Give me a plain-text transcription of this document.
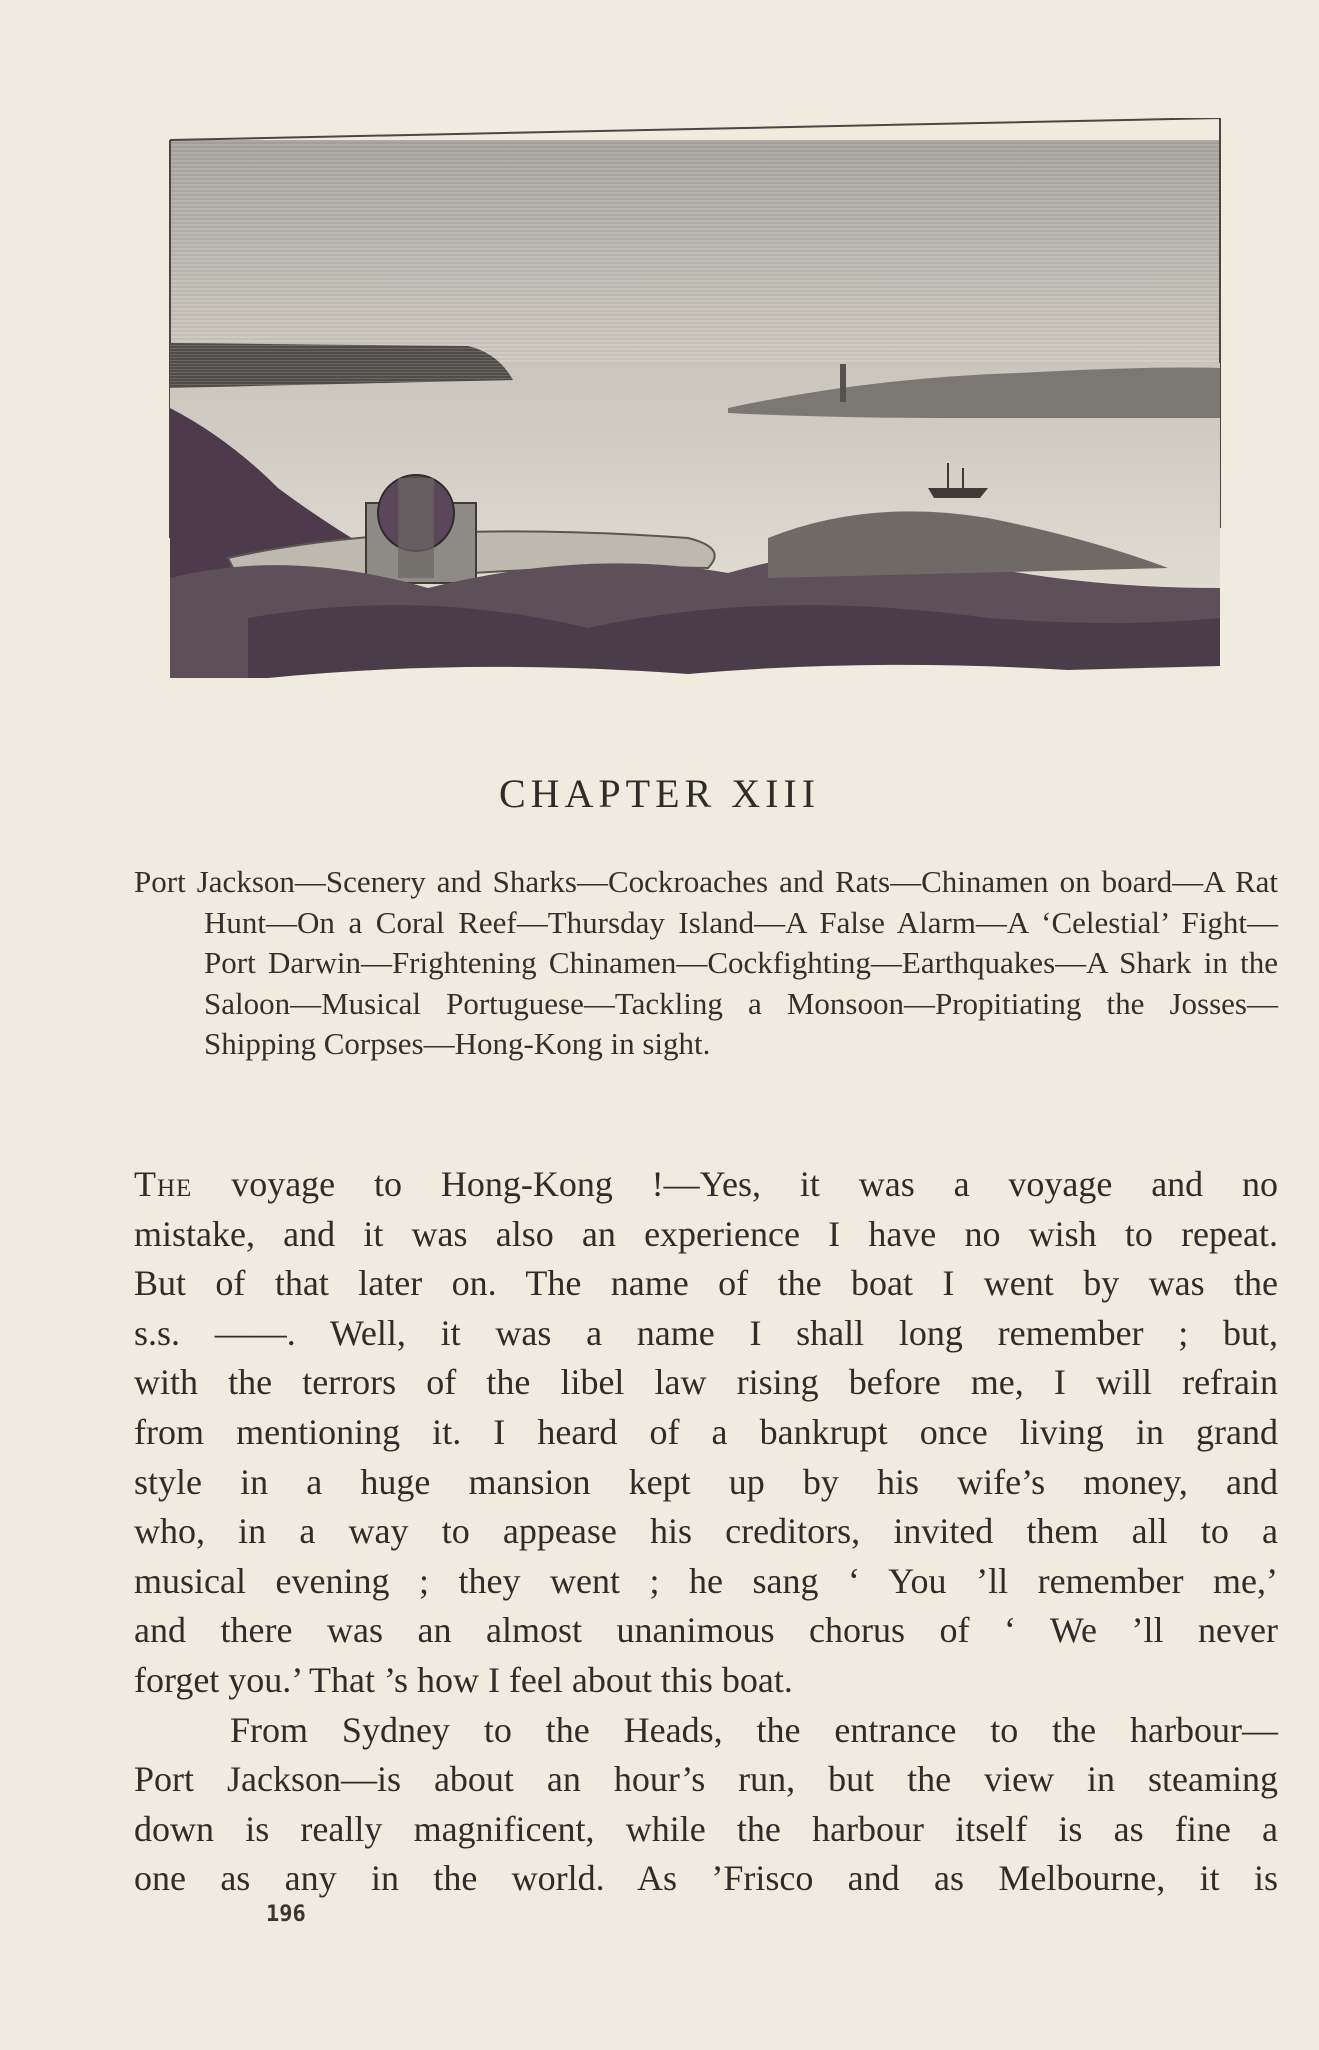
CHAPTER XIII

Port Jackson—Scenery and Sharks—Cockroaches and Rats—Chinamen on board—A Rat Hunt—On a Coral Reef—Thursday Island—A False Alarm—A ‘Celestial’ Fight—Port Darwin—Frightening Chinamen—Cockfighting—Earthquakes—A Shark in the Saloon—Musical Portuguese—Tackling a Monsoon—Propitiating the Josses—Shipping Corpses—Hong-Kong in sight.

The voyage to Hong-Kong !—Yes, it was a voyage and no
mistake, and it was also an experience I have no wish to repeat.
But of that later on. The name of the boat I went by was the
s.s. ——. Well, it was a name I shall long remember ; but,
with the terrors of the libel law rising before me, I will refrain
from mentioning it. I heard of a bankrupt once living in grand
style in a huge mansion kept up by his wife’s money, and
who, in a way to appease his creditors, invited them all to a
musical evening ; they went ; he sang ‘ You ’ll remember me,’
and there was an almost unanimous chorus of ‘ We ’ll never
forget you.’ That ’s how I feel about this boat.

From Sydney to the Heads, the entrance to the harbour—
Port Jackson—is about an hour’s run, but the view in steaming
down is really magnificent, while the harbour itself is as fine a
one as any in the world. As ’Frisco and as Melbourne, it is

196
